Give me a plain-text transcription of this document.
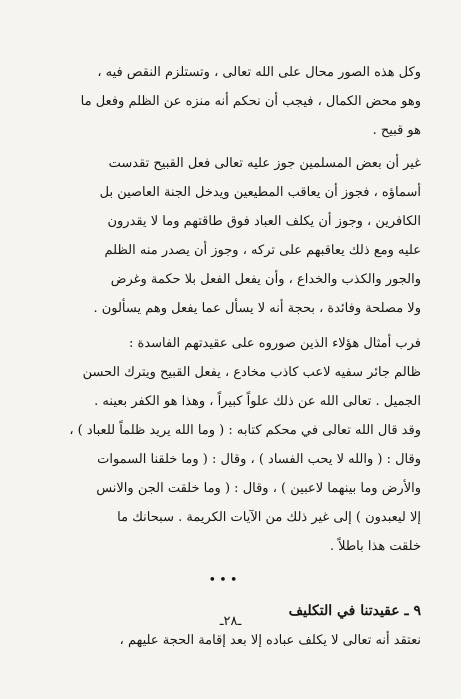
وكل هذه الصور محال على الله تعالى ، وتستلزم النقص فيه ،
وهو محض الكمال ، فيجب أن نحكم أنه منزه عن الظلم وفعل ما
هو قبيح .

غير أن بعض المسلمين جوز عليه تعالى فعل القبيح تقدست
أسماؤه ، فجوز أن يعاقب المطيعين ويدخل الجنة العاصين بل
الكافرين ، وجوز أن يكلف العباد فوق طاقتهم وما لا يقدرون
عليه ومع ذلك يعاقبهم على تركه ، وجوز أن يصدر منه الظلم
والجور والكذب والخداع ، وأن يفعل الفعل بلا حكمة وغرض
ولا مصلحة وفائدة ، بحجة أنه لا يسأل عما يفعل وهم يسألون .

فرب أمثال هؤلاء الذين صوروه على عقيدتهم الفاسدة :
ظالم جائر سفيه لاعب كاذب مخادع ، يفعل القبيح ويترك الحسن
الجميل . تعالى الله عن ذلك علواً كبيراً ، وهذا هو الكفر بعينه .
وقد قال الله تعالى في محكم كتابه : ( وما الله يريد ظلماً للعباد ) ،
وقال : ( والله لا يحب الفساد ) ، وقال : ( وما خلقنا السموات
والأرض وما بينهما لاعبين ) ، وقال : ( وما خلقت الجن والانس
إلا ليعبدون ) إلى غير ذلك من الآيات الكريمة . سبحانك ما
خلقت هذا باطلاً .

•••
٩ ـ عقيدتنا في التكليف

نعتقد أنه تعالى لا يكلف عباده إلا بعد إقامة الحجة عليهم ،

ـ٢٨ـ
